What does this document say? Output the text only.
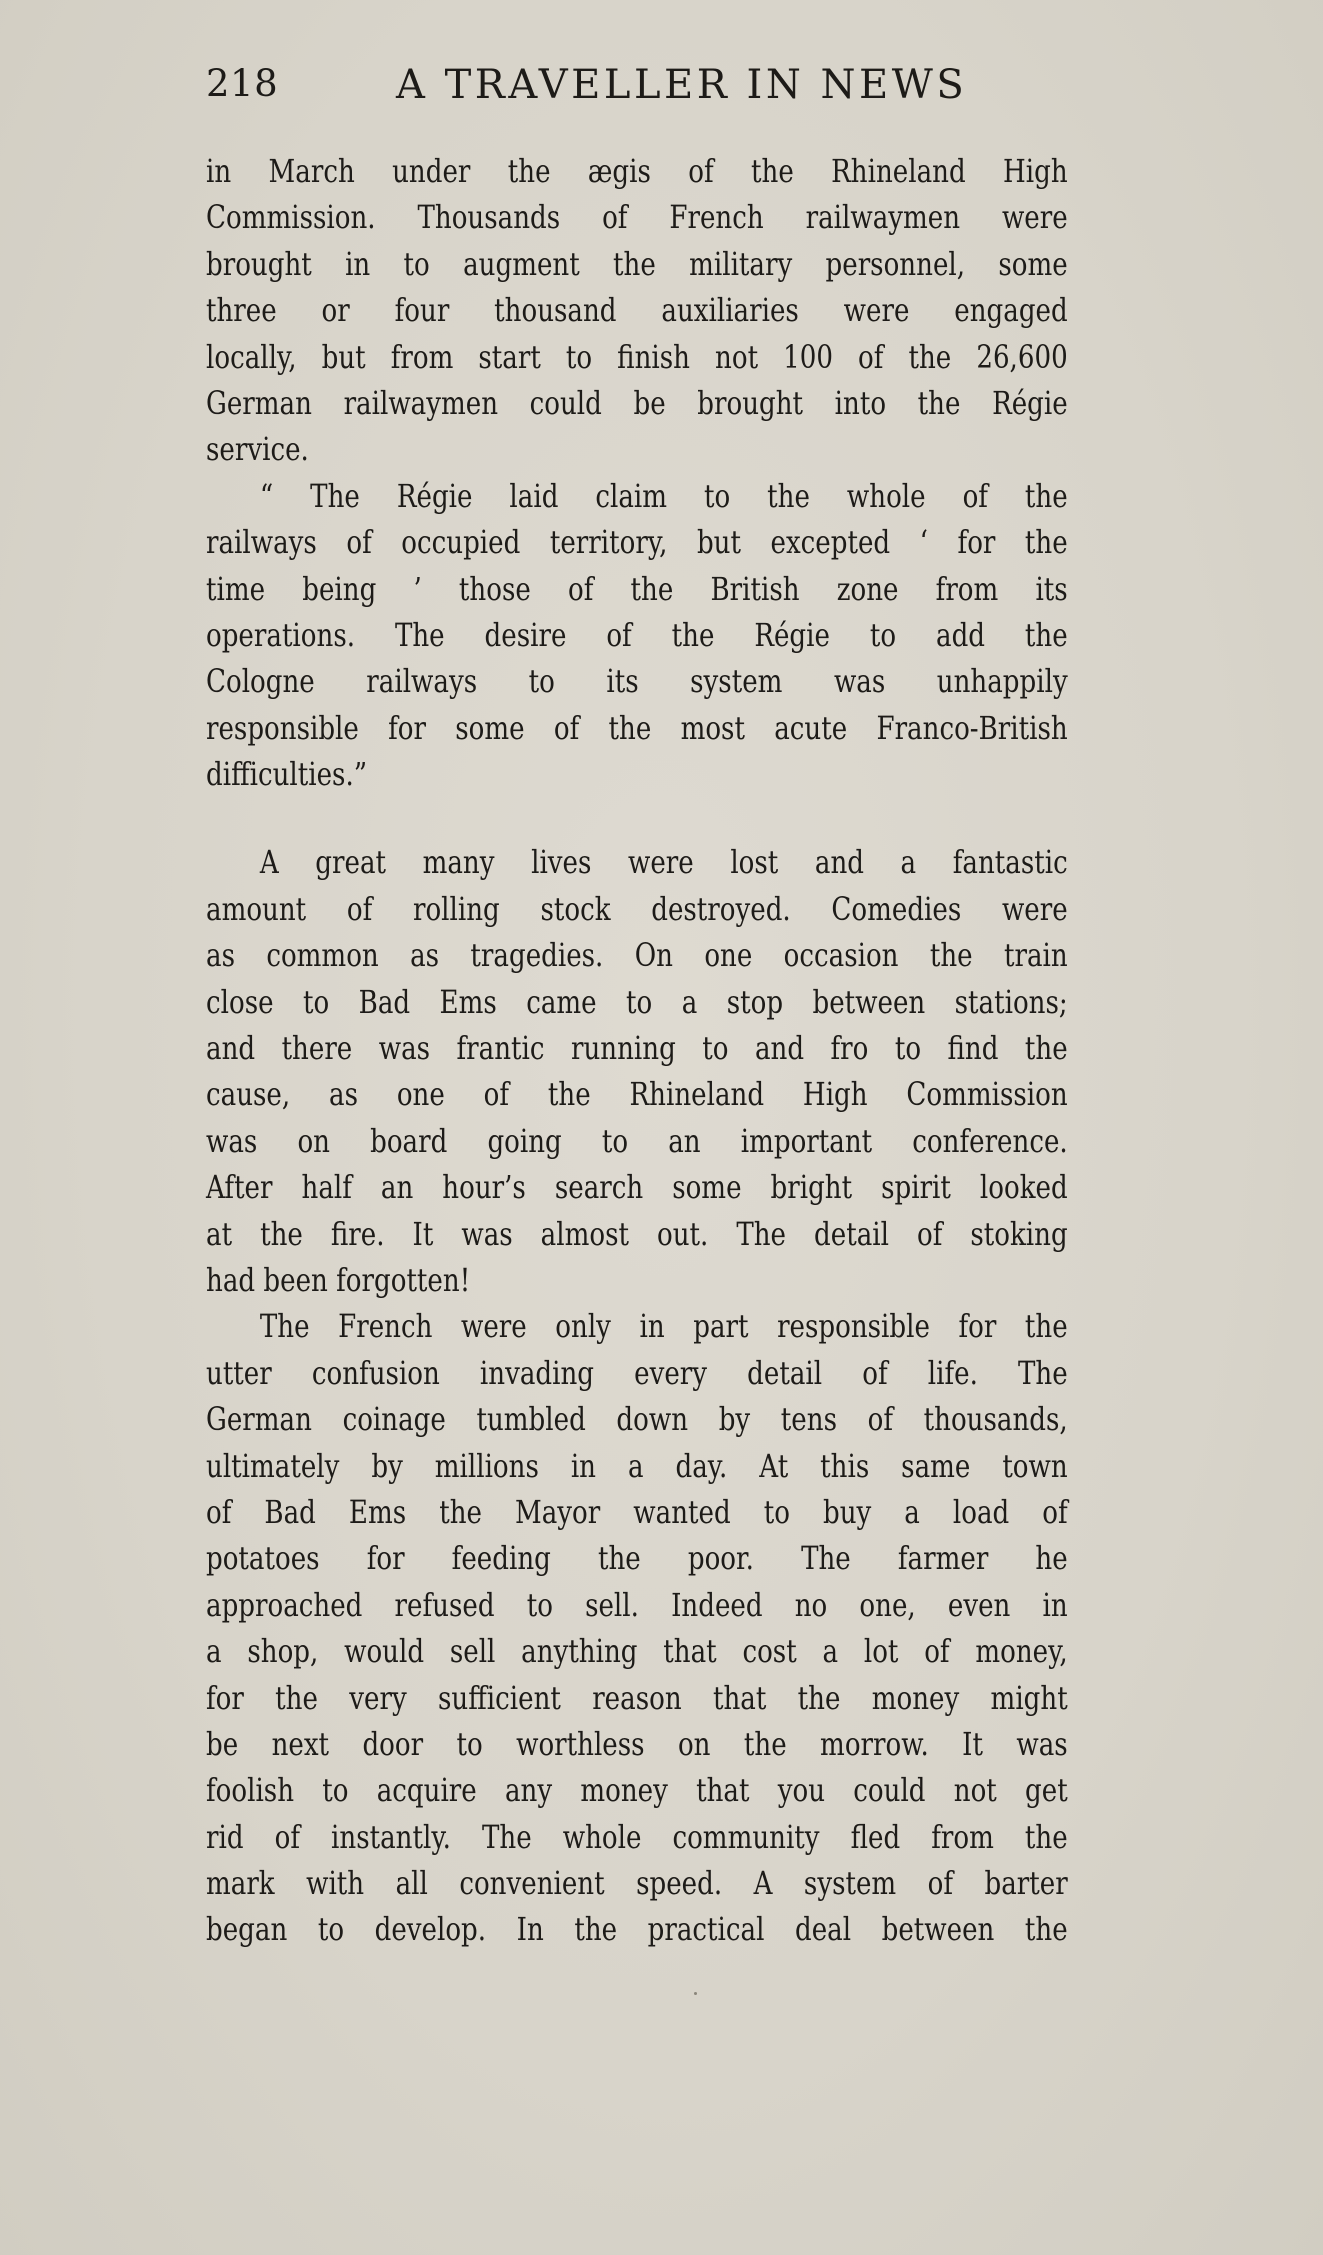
218	A TRAVELLER IN NEWS
in March under the ægis of the Rhineland High
Commission. Thousands of French railwaymen were
brought in to augment the military personnel, some
three or four thousand auxiliaries were engaged
locally, but from start to finish not 100 of the 26,600
German railwaymen could be brought into the Régie
service.
“ The Régie laid claim to the whole of the
railways of occupied territory, but excepted ‘ for the
time being ’ those of the British zone from its
operations. The desire of the Régie to add the
Cologne railways to its system was unhappily
responsible for some of the most acute Franco-British
difficulties.”
A great many lives were lost and a fantastic
amount of rolling stock destroyed. Comedies were
as common as tragedies. On one occasion the train
close to Bad Ems came to a stop between stations;
and there was frantic running to and fro to find the
cause, as one of the Rhineland High Commission
was on board going to an important conference.
After half an hour’s search some bright spirit looked
at the fire. It was almost out. The detail of stoking
had been forgotten!
The French were only in part responsible for the
utter confusion invading every detail of life. The
German coinage tumbled down by tens of thousands,
ultimately by millions in a day. At this same town
of Bad Ems the Mayor wanted to buy a load of
potatoes for feeding the poor. The farmer he
approached refused to sell. Indeed no one, even in
a shop, would sell anything that cost a lot of money,
for the very sufficient reason that the money might
be next door to worthless on the morrow. It was
foolish to acquire any money that you could not get
rid of instantly. The whole community fled from the
mark with all convenient speed. A system of barter
began to develop. In the practical deal between the
